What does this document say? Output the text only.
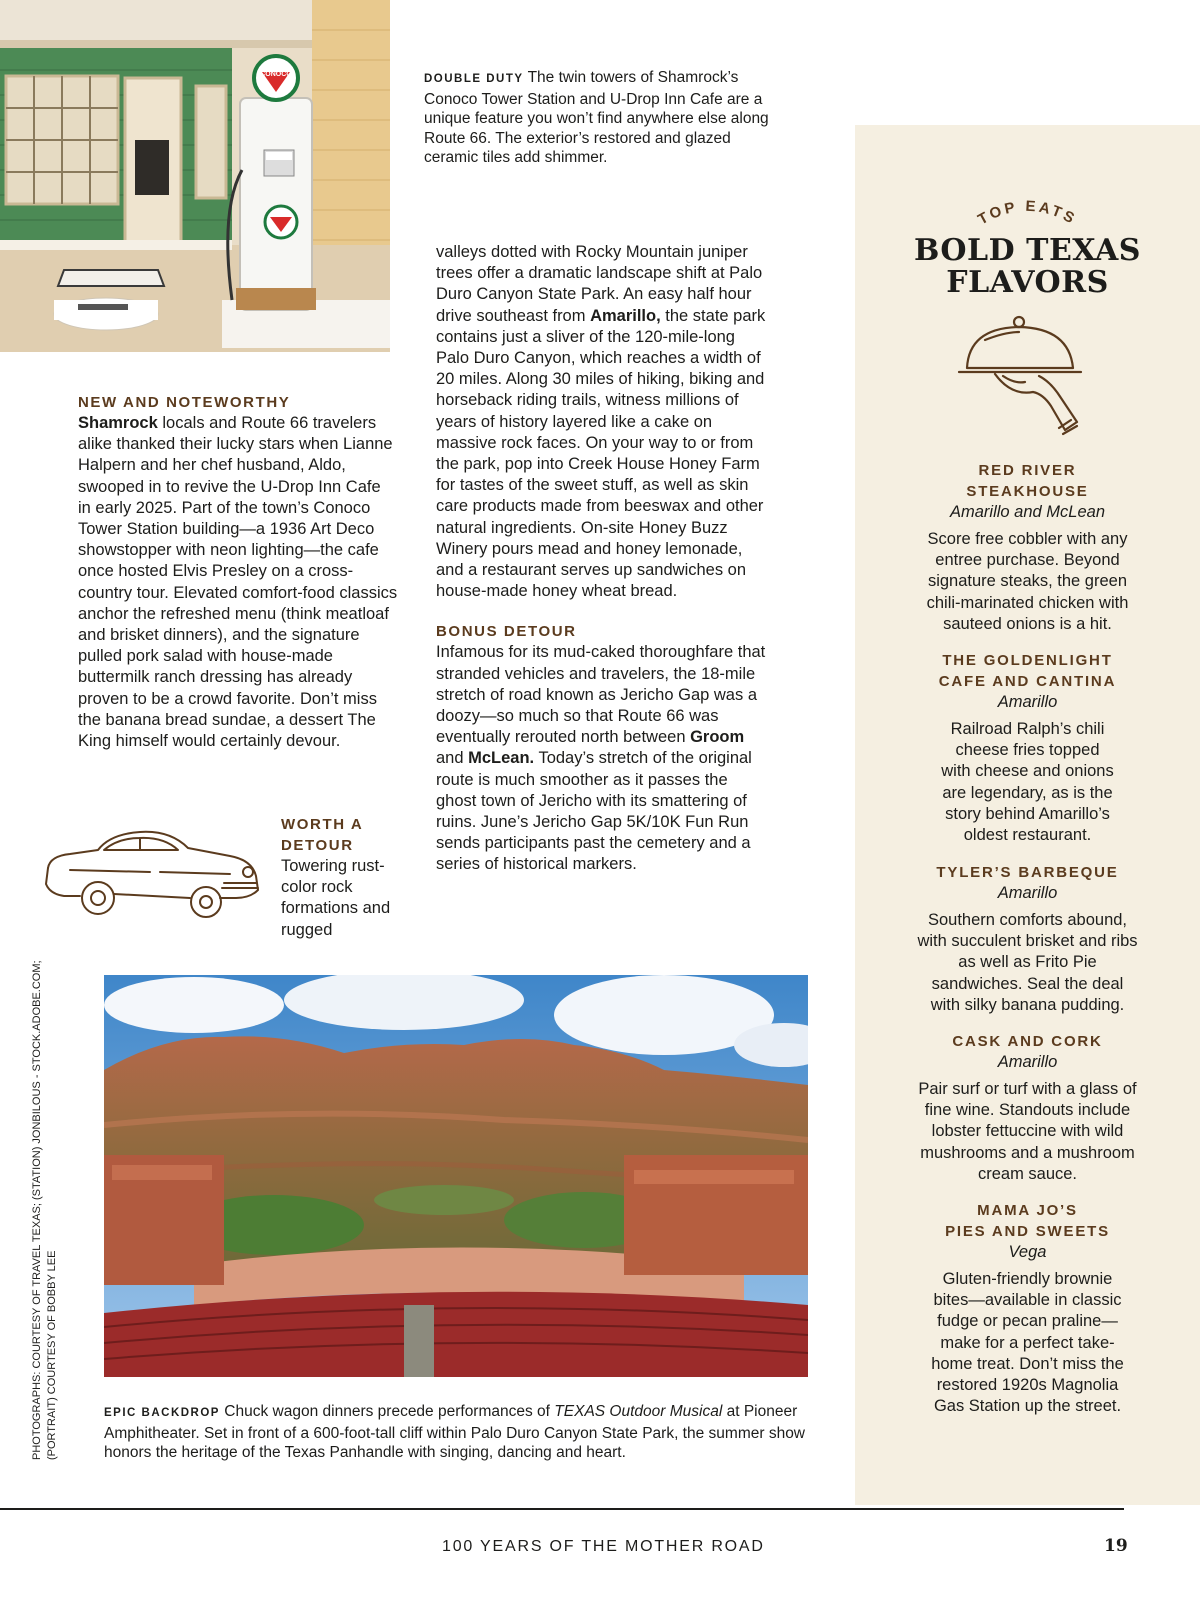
CONOCO	DOUBLE DUTY The twin towers of Shamrock’s Conoco Tower Station and U-Drop Inn Cafe are a unique feature you won’t find anywhere else along Route 66. The exterior’s restored and glazed ceramic tiles add shimmer.

NEW AND NOTEWORTHY

Shamrock locals and Route 66 travelers alike thanked their lucky stars when Lianne Halpern and her chef husband, Aldo, swooped in to revive the U-Drop Inn Cafe in early 2025. Part of the town’s Conoco Tower Station building—a 1936 Art Deco showstopper with neon lighting—the cafe once hosted Elvis Presley on a cross-country tour. Elevated comfort-food classics anchor the refreshed menu (think meatloaf and brisket dinners), and the signature pulled pork salad with house-made buttermilk ranch dressing has already proven to be a crowd favorite. Don’t miss the banana bread sundae, a dessert The King himself would certainly devour.

WORTH A
DETOUR

Towering rust-color rock formations and rugged

valleys dotted with Rocky Mountain juniper trees offer a dramatic landscape shift at Palo Duro Canyon State Park. An easy half hour drive southeast from Amarillo, the state park contains just a sliver of the 120-mile-long Palo Duro Canyon, which reaches a width of 20 miles. Along 30 miles of hiking, biking and horseback riding trails, witness millions of years of history layered like a cake on massive rock faces. On your way to or from the park, pop into Creek House Honey Farm for tastes of the sweet stuff, as well as skin care products made from beeswax and other natural ingredients. On-site Honey Buzz Winery pours mead and honey lemonade, and a restaurant serves up sandwiches on house-made honey wheat bread.

BONUS DETOUR

Infamous for its mud-caked thoroughfare that stranded vehicles and travelers, the 18-mile stretch of road known as Jericho Gap was a doozy—so much so that Route 66 was eventually rerouted north between Groom and McLean. Today’s stretch of the original route is much smoother as it passes the ghost town of Jericho with its smattering of ruins. June’s Jericho Gap 5K/10K Fun Run sends participants past the cemetery and a series of historical markers.

TOP EATS
BOLD TEXAS
FLAVORS
RED RIVER
STEAKHOUSE
Amarillo and McLean
Score free cobbler with any entree purchase. Beyond signature steaks, the green chili-marinated chicken with sauteed onions is a hit.
THE GOLDENLIGHT
CAFE AND CANTINA
Amarillo
Railroad Ralph’s chili cheese fries topped with cheese and onions are legendary, as is the story behind Amarillo’s oldest restaurant.
TYLER’S BARBEQUE
Amarillo
Southern comforts abound, with succulent brisket and ribs as well as Frito Pie sandwiches. Seal the deal with silky banana pudding.
CASK AND CORK
Amarillo
Pair surf or turf with a glass of fine wine. Standouts include lobster fettuccine with wild mushrooms and a mushroom cream sauce.
MAMA JO’S
PIES AND SWEETS
Vega
Gluten-friendly brownie bites—available in classic fudge or pecan praline—make for a perfect take-home treat. Don’t miss the restored 1920s Magnolia Gas Station up the street.

EPIC BACKDROP Chuck wagon dinners precede performances of TEXAS Outdoor Musical at Pioneer Amphitheater. Set in front of a 600-foot-tall cliff within Palo Duro Canyon State Park, the summer show honors the heritage of the Texas Panhandle with singing, dancing and heart.

PHOTOGRAPHS: COURTESY OF TRAVEL TEXAS; (STATION) JONBILOUS - STOCK.ADOBE.COM; (PORTRAIT) COURTESY OF BOBBY LEE
100 YEARS OF THE MOTHER ROAD	19
